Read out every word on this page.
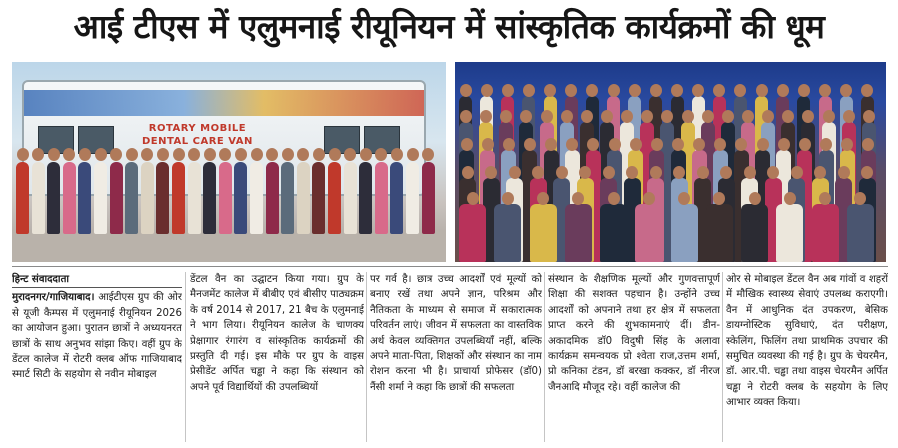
आई टीएस में एलुमनाई रीयूनियन में सांस्कृतिक कार्यक्रमों की धूम
ROTARY MOBILE
DENTAL CARE VAN
हिन्ट संवाददाता
मुरादनगर/गाजियाबाद। आईटीएस ग्रुप की ओर से यूजी कैम्पस में एलुमनाई रीयूनियन 2026 का आयोजन हुआ। पुरातन छात्रों ने अध्ययनरत छात्रों के साथ अनुभव सांझा किए। वहीं ग्रुप के डेंटल कालेज में रोटरी क्लब ऑफ गाजियाबाद स्मार्ट सिटी के सहयोग से नवीन मोबाइल
डेंटल वैन का उद्घाटन किया गया। ग्रुप के मैनजमेंट कालेज में बीबीए एवं बीसीए पाठ्यक्रम के वर्ष 2014 से 2017, 21 बैच के एलुमनाई ने भाग लिया। रीयूनियन कालेज के चाणक्य प्रेक्षागार रंगारंग व सांस्कृतिक कार्यक्रमों की प्रस्तुति दी गई। इस मौके पर ग्रुप के वाइस प्रेसीडेंट अर्पित चड्ढा ने कहा कि संस्थान को अपने पूर्व विद्यार्थियों की उपलब्धियों
पर गर्व है। छात्र उच्च आदर्शों एवं मूल्यों को बनाए रखें तथा अपने ज्ञान, परिश्रम और नैतिकता के माध्यम से समाज में सकारात्मक परिवर्तन लाएं। जीवन में सफलता का वास्तविक अर्थ केवल व्यक्तिगत उपलब्धियाँ नहीं, बल्कि अपने माता-पिता, शिक्षकों और संस्थान का नाम रोशन करना भी है। प्राचार्या प्रोफेसर (डॉ0) नैंसी शर्मा ने कहा कि छात्रों की सफलता
संस्थान के शैक्षणिक मूल्यों और गुणवत्तापूर्ण शिक्षा की सशक्त पहचान है। उन्होंने उच्च आदर्शों को अपनाने तथा हर क्षेत्र में सफलता प्राप्त करने की शुभकामनाएं दीं। डीन-अकादमिक डॉ0 विदुषी सिंह के अलावा कार्यक्रम समन्वयक प्रो श्वेता राज,उत्तम शर्मा, प्रो कनिका टंडन, डॉ बरखा कक्कर, डॉ नीरज जैनआदि मौजूद रहे। वहीं कालेज की
ओर से मोबाइल डेंटल वैन अब गांवों व शहरों में मौखिक स्वास्थ्य सेवाएं उपलब्ध कराएगी। वैन में आधुनिक दंत उपकरण, बेसिक डायग्नोस्टिक सुविधाएं, दंत परीक्षण, स्केलिंग, फिलिंग तथा प्राथमिक उपचार की समुचित व्यवस्था की गई है। ग्रुप के चेयरमैन, डॉ. आर.पी. चड्ढा तथा वाइस चेयरमैन अर्पित चड्ढा ने रोटरी क्लब के सहयोग के लिए आभार व्यक्त किया।
